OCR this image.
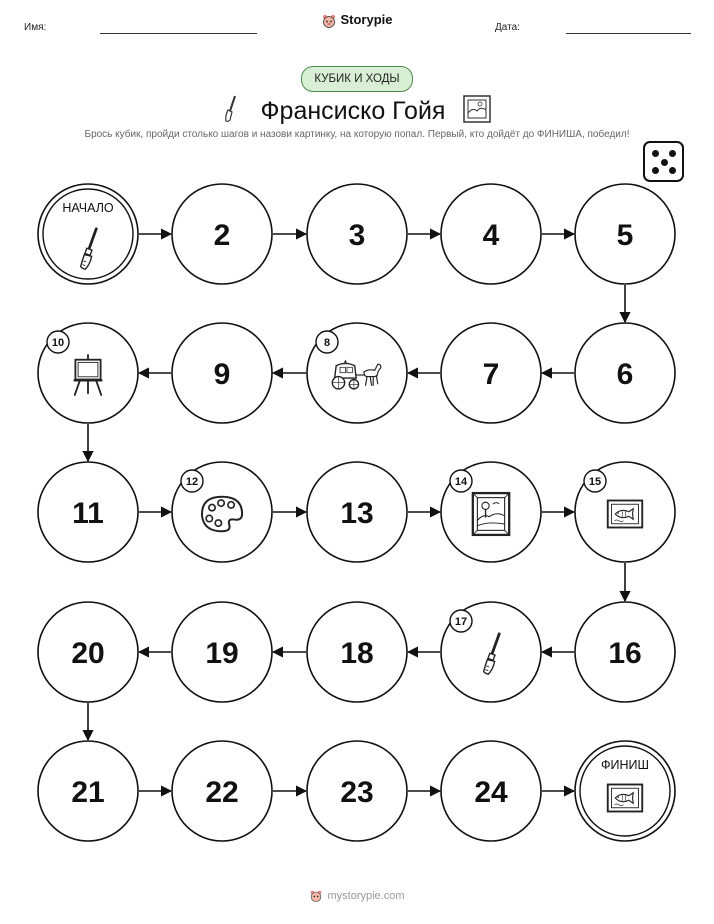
Имя:	Дата:
Storypie
КУБИК И ХОДЫ
Франсиско Гойя
Брось кубик, пройди столько шагов и назови картинку, на которую попал. Первый, кто дойдёт до ФИНИША, победил!
НАЧАЛО
2	3	4	5
6
7
8
9
10
11
12
13
14	15
16
17
18
19
20
21	22	23	24
ФИНИШ
mystorypie.com
